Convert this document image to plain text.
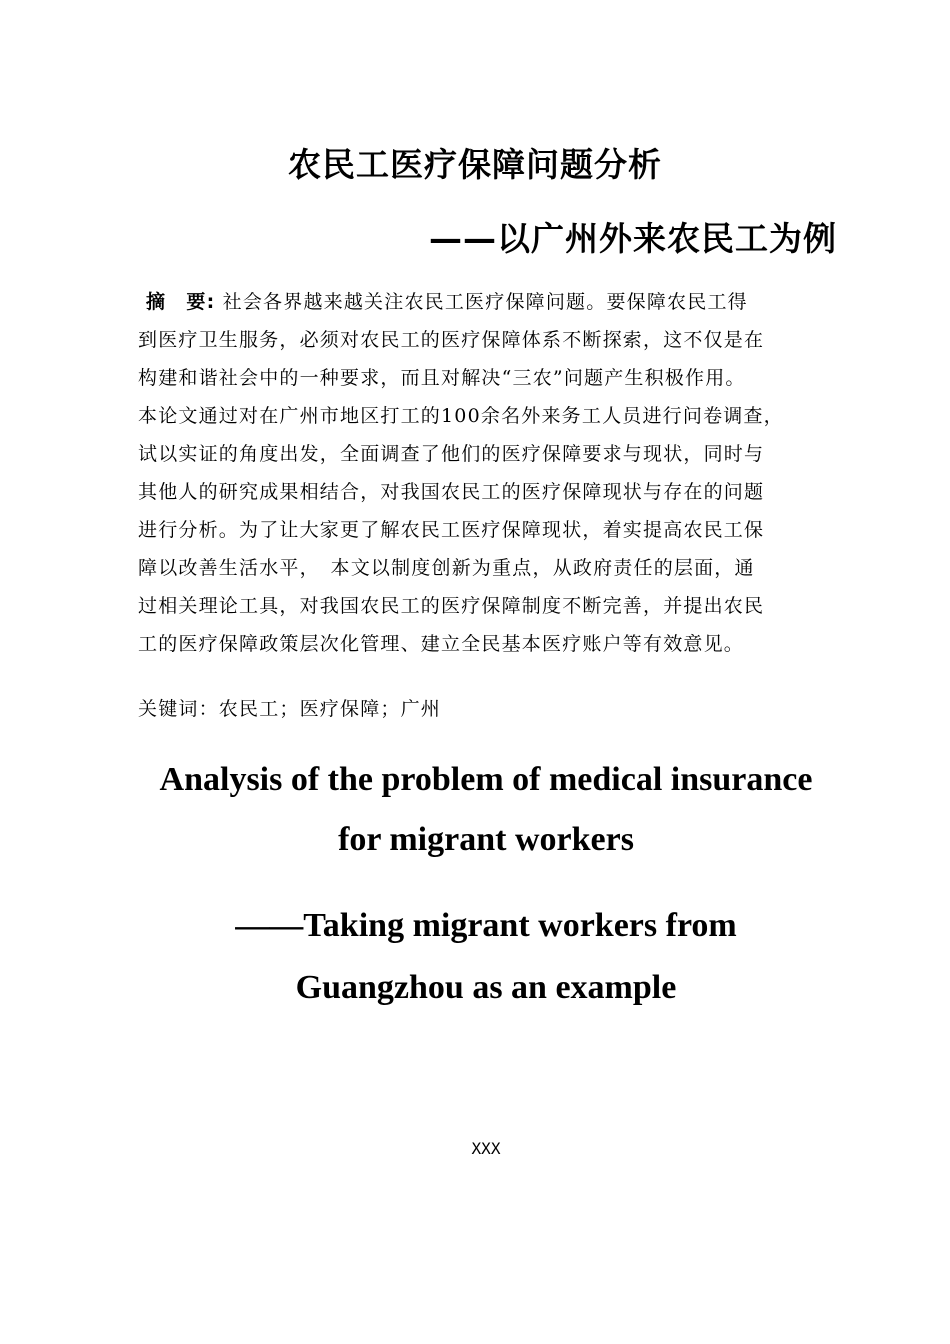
农民工医疗保障问题分析
——以广州外来农民工为例
摘　要: 社会各界越来越关注农民工医疗保障问题。要保障农民工得
到医疗卫生服务，必须对农民工的医疗保障体系不断探索，这不仅是在
构建和谐社会中的一种要求，而且对解决“三农”问题产生积极作用。
本论文通过对在广州市地区打工的100余名外来务工人员进行问卷调查，
试以实证的角度出发，全面调查了他们的医疗保障要求与现状，同时与
其他人的研究成果相结合，对我国农民工的医疗保障现状与存在的问题
进行分析。为了让大家更了解农民工医疗保障现状，着实提高农民工保
障以改善生活水平，　本文以制度创新为重点，从政府责任的层面，通
过相关理论工具，对我国农民工的医疗保障制度不断完善，并提出农民
工的医疗保障政策层次化管理、建立全民基本医疗账户等有效意见。
关键词：农民工；医疗保障；广州
Analysis of the problem of medical insurance
for migrant workers
——Taking migrant workers from
Guangzhou as an example
XXX
